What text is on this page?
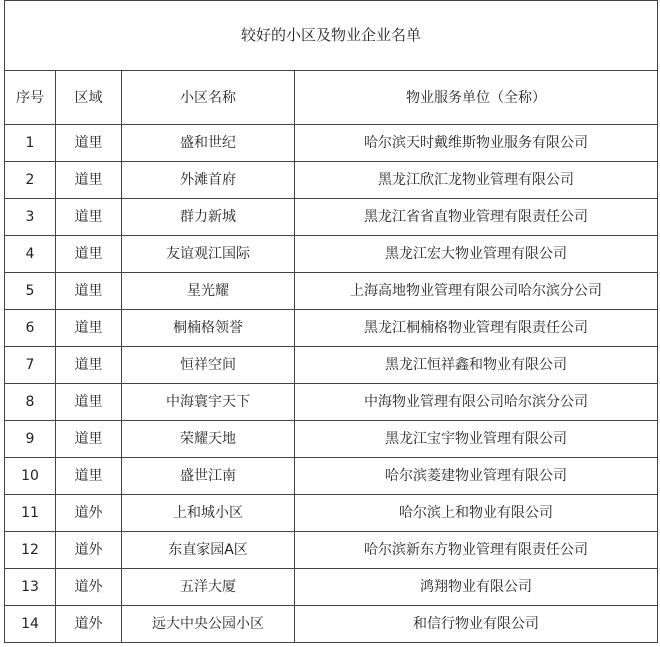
较好的小区及物业企业名单			
序号	区域	小区名称	物业服务单位（全称）
1	道里	盛和世纪	哈尔滨天时戴维斯物业服务有限公司
2	道里	外滩首府	黑龙江欣汇龙物业管理有限公司
3	道里	群力新城	黑龙江省省直物业管理有限责任公司
4	道里	友谊观江国际	黑龙江宏大物业管理有限公司
5	道里	星光耀	上海高地物业管理有限公司哈尔滨分公司
6	道里	桐楠格领誉	黑龙江桐楠格物业管理有限责任公司
7	道里	恒祥空间	黑龙江恒祥鑫和物业有限公司
8	道里	中海寰宇天下	中海物业管理有限公司哈尔滨分公司
9	道里	荣耀天地	黑龙江宝宇物业管理有限公司
10	道里	盛世江南	哈尔滨菱建物业管理有限公司
11	道外	上和城小区	哈尔滨上和物业有限公司
12	道外	东直家园A区	哈尔滨新东方物业管理有限责任公司
13	道外	五洋大厦	鸿翔物业有限公司
14	道外	远大中央公园小区	和信行物业有限公司
